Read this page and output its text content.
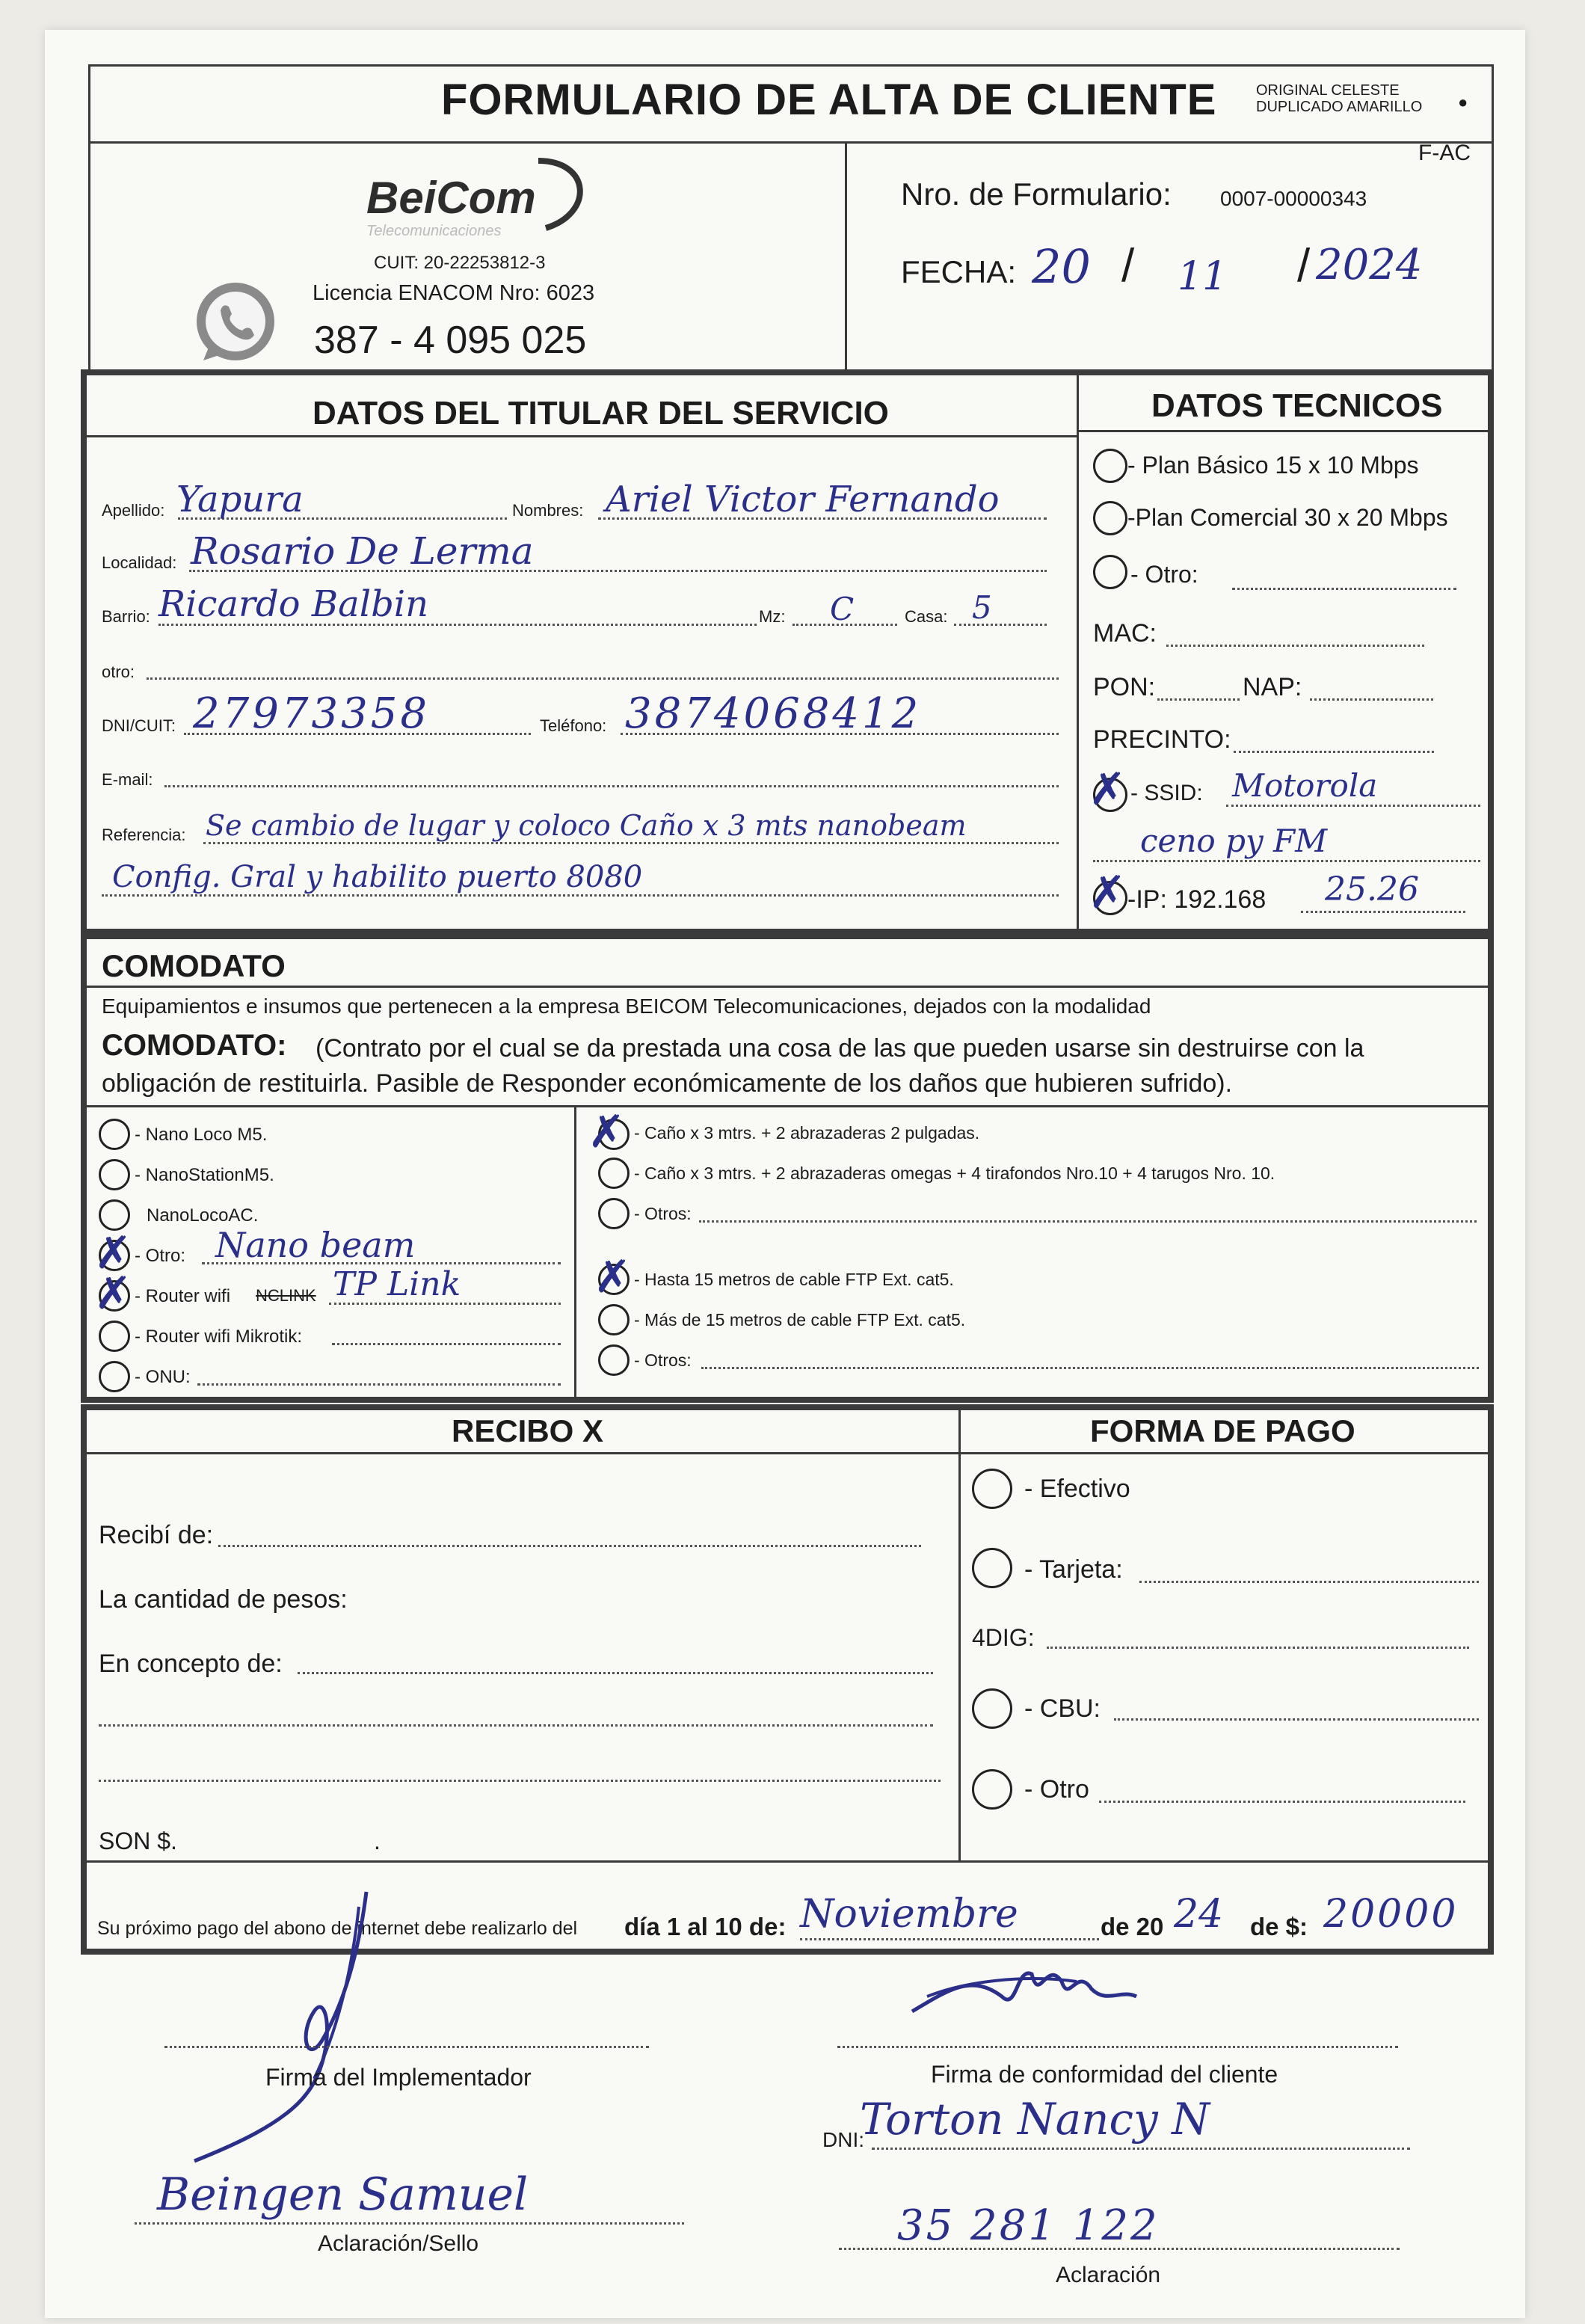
FORMULARIO DE ALTA DE CLIENTE	ORIGINAL CELESTE
DUPLICADO AMARILLO ●
F-AC
BeiCom
Telecomunicaciones
CUIT: 20-22253812-3
Licencia ENACOM Nro: 6023
387 - 4 095 025
Nro. de Formulario: 0007-00000343
FECHA: 20 / 11 / 2024
DATOS DEL TITULAR DEL SERVICIO	DATOS TECNICOS
Apellido: Yapura	Nombres: Ariel Victor Fernando
Localidad: Rosario De Lerma
Barrio: Ricardo Balbin	Mz: C	Casa: 5
otro:
DNI/CUIT: 27973358	Teléfono: 3874068412
E-mail:
Referencia: Se cambio de lugar y coloco Caño x 3 mts nanobeam
Config. Gral y habilito puerto 8080
- Plan Básico 15 x 10 Mbps
-Plan Comercial 30 x 20 Mbps
- Otro:
MAC:
PON:	NAP:
PRECINTO:
✗ - SSID: Motorola
ceno py FM
✗ -IP: 192.168 25.26
COMODATO
Equipamientos e insumos que pertenecen a la empresa BEICOM Telecomunicaciones, dejados con la modalidad
COMODATO: (Contrato por el cual se da prestada una cosa de las que pueden usarse sin destruirse con la
obligación de restituirla. Pasible de Responder económicamente de los daños que hubieren sufrido).
- Nano Loco M5.
- NanoStationM5.
NanoLocoAC.
✗ - Otro: Nano beam
✗ - Router wifi NCLINK TP Link
- Router wifi Mikrotik:
- ONU:
✗ - Caño x 3 mtrs. + 2 abrazaderas 2 pulgadas.
- Caño x 3 mtrs. + 2 abrazaderas omegas + 4 tirafondos Nro.10 + 4 tarugos Nro. 10.
- Otros:
✗ - Hasta 15 metros de cable FTP Ext. cat5.
- Más de 15 metros de cable FTP Ext. cat5.
- Otros:
RECIBO X	FORMA DE PAGO
Recibí de:
La cantidad de pesos:
En concepto de:
SON $.	.
- Efectivo
- Tarjeta:
4DIG:
- CBU:
- Otro
Su próximo pago del abono de internet debe realizarlo del día 1 al 10 de: Noviembre	de 20 24 de $: 20000
Firma del Implementador
Beingen Samuel
Aclaración/Sello
Firma de conformidad del cliente
DNI:
Torton Nancy N
35 281 122
Aclaración
